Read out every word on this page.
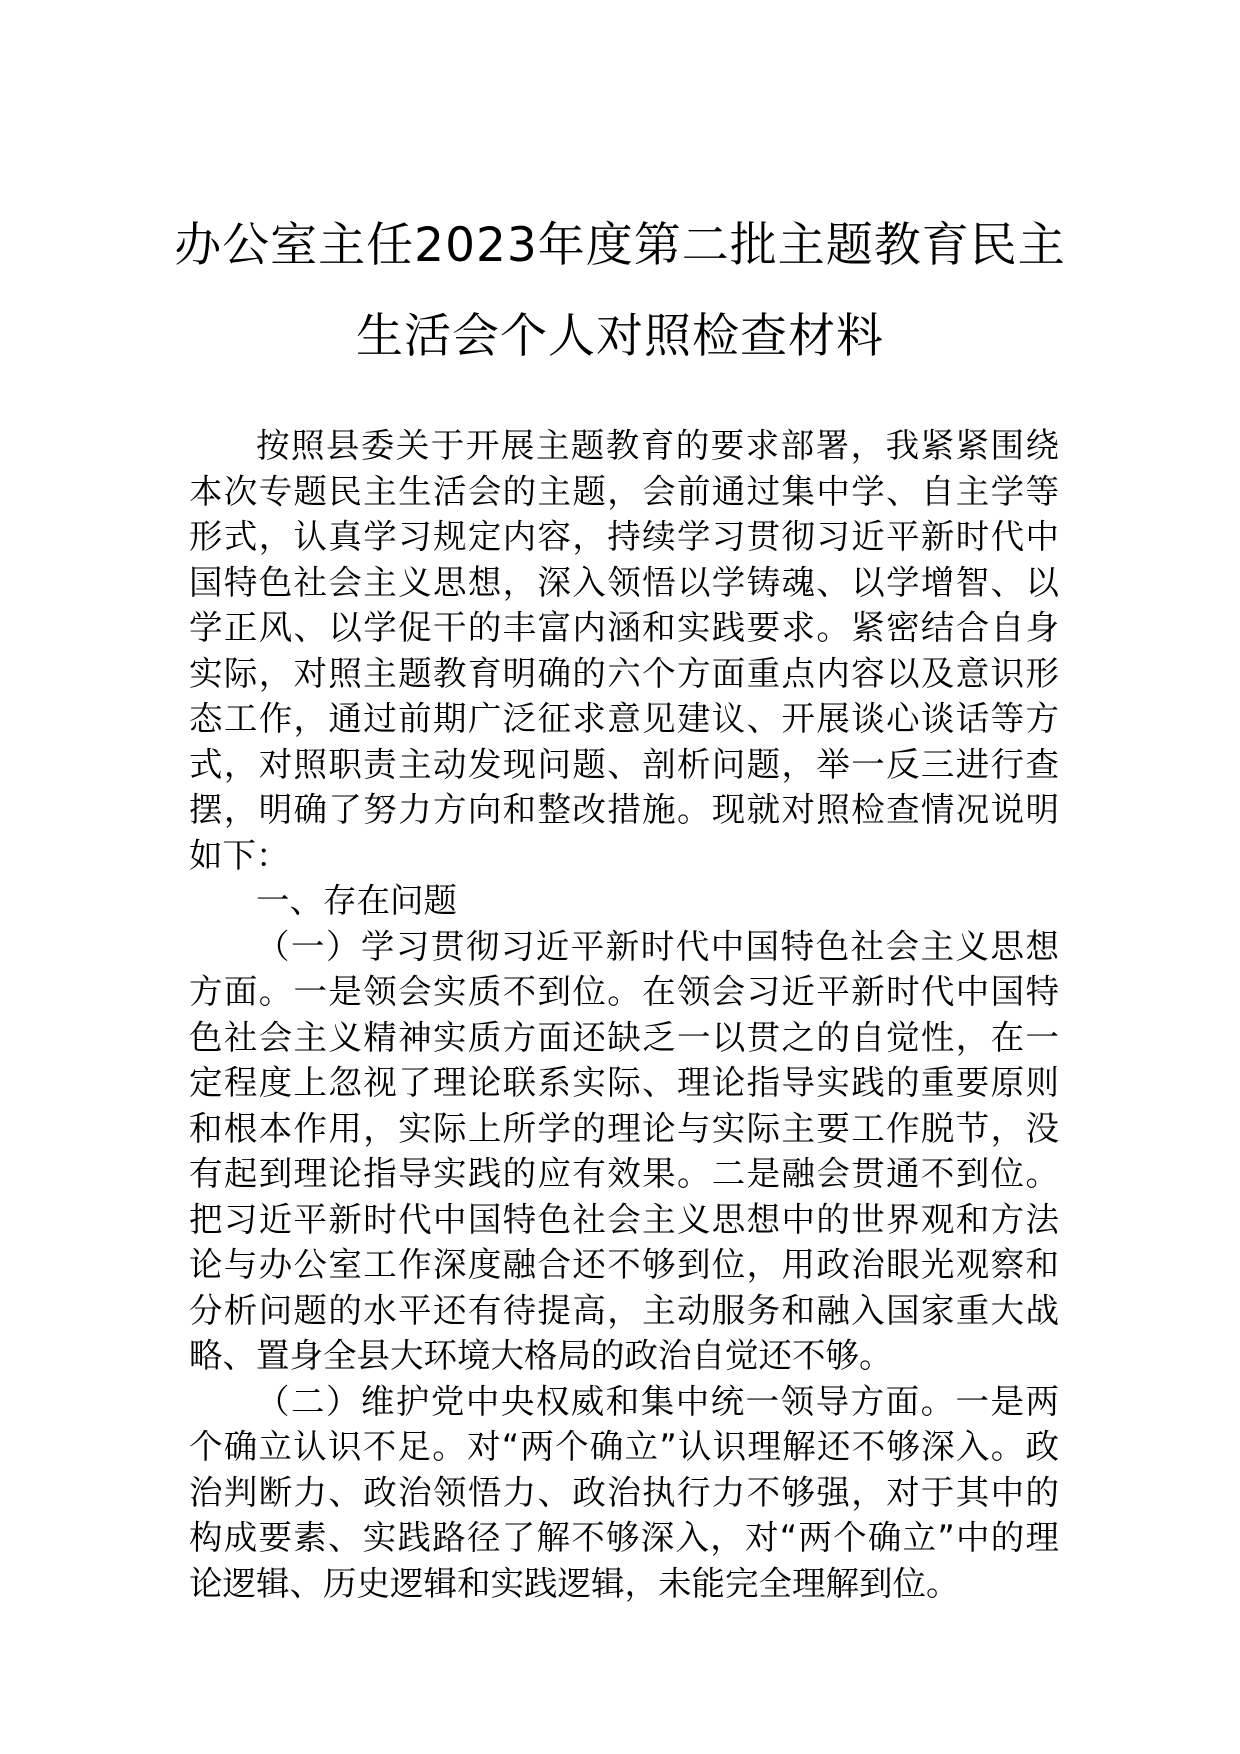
办公室主任2023年度第二批主题教育民主
生活会个人对照检查材料

按照县委关于开展主题教育的要求部署，我紧紧围绕本次专题民主生活会的主题，会前通过集中学、自主学等形式，认真学习规定内容，持续学习贯彻习近平新时代中国特色社会主义思想，深入领悟以学铸魂、以学增智、以学正风、以学促干的丰富内涵和实践要求。紧密结合自身实际，对照主题教育明确的六个方面重点内容以及意识形态工作，通过前期广泛征求意见建议、开展谈心谈话等方式，对照职责主动发现问题、剖析问题，举一反三进行查摆，明确了努力方向和整改措施。现就对照检查情况说明如下：

一、存在问题

（一）学习贯彻习近平新时代中国特色社会主义思想方面。一是领会实质不到位。在领会习近平新时代中国特色社会主义精神实质方面还缺乏一以贯之的自觉性，在一定程度上忽视了理论联系实际、理论指导实践的重要原则和根本作用，实际上所学的理论与实际主要工作脱节，没有起到理论指导实践的应有效果。二是融会贯通不到位。把习近平新时代中国特色社会主义思想中的世界观和方法论与办公室工作深度融合还不够到位，用政治眼光观察和分析问题的水平还有待提高，主动服务和融入国家重大战略、置身全县大环境大格局的政治自觉还不够。

（二）维护党中央权威和集中统一领导方面。一是两个确立认识不足。对“两个确立”认识理解还不够深入。政治判断力、政治领悟力、政治执行力不够强，对于其中的构成要素、实践路径了解不够深入，对“两个确立”中的理论逻辑、历史逻辑和实践逻辑，未能完全理解到位。
